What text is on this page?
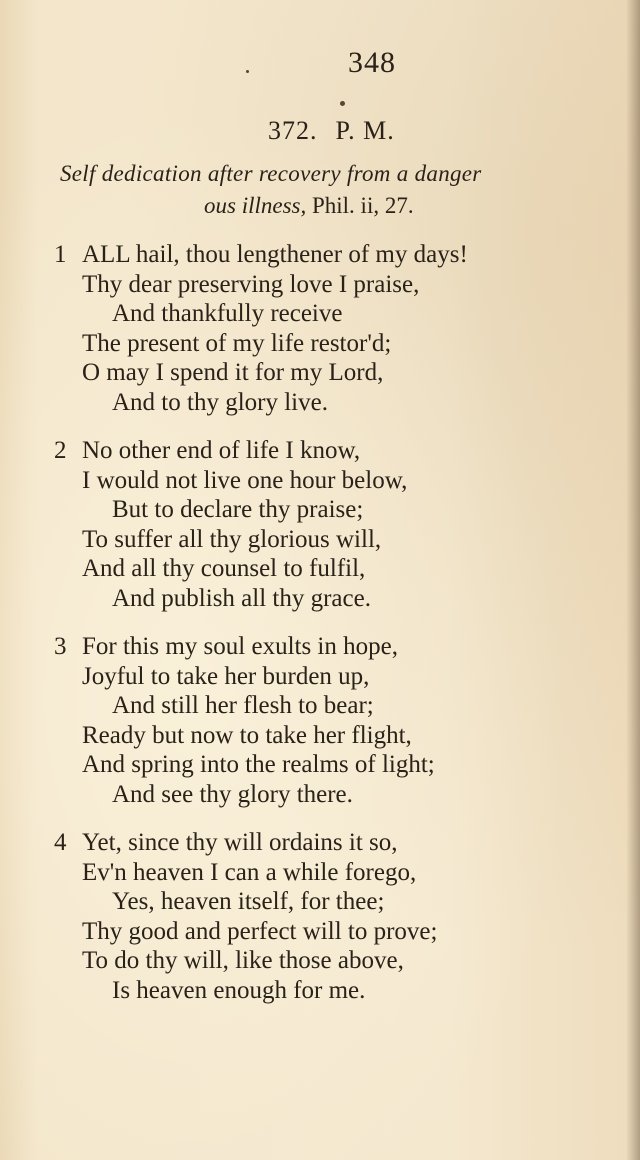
348
372. P. M.
Self dedication after recovery from a danger
ous illness, Phil. ii, 27.
1 ALL hail, thou lengthener of my days!
Thy dear preserving love I praise,
And thankfully receive
The present of my life restor'd;
O may I spend it for my Lord,
And to thy glory live.
2 No other end of life I know,
I would not live one hour below,
But to declare thy praise;
To suffer all thy glorious will,
And all thy counsel to fulfil,
And publish all thy grace.
3 For this my soul exults in hope,
Joyful to take her burden up,
And still her flesh to bear;
Ready but now to take her flight,
And spring into the realms of light;
And see thy glory there.
4 Yet, since thy will ordains it so,
Ev'n heaven I can a while forego,
Yes, heaven itself, for thee;
Thy good and perfect will to prove;
To do thy will, like those above,
Is heaven enough for me.
